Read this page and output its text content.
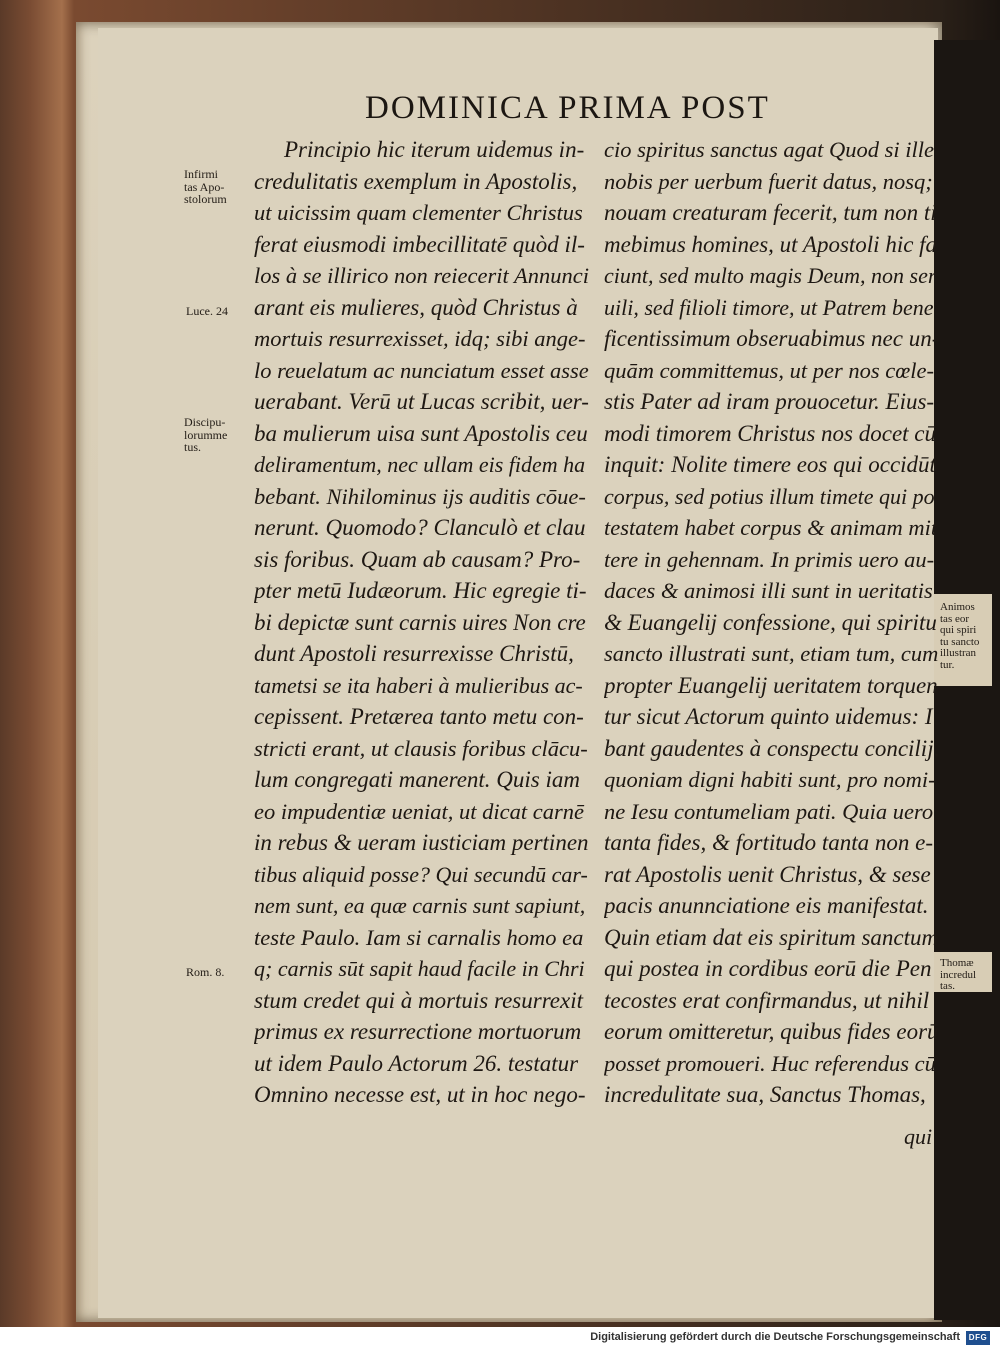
DOMINICA PRIMA POST
Infirmi
tas Apo-
stolorum
Luce. 24
Discipu-
lorumme
tus.
Rom. 8.
Animos
tas eor
qui spiri
tu sancto
illustran
tur.
Thomæ
incredul
tas.
Principio hic iterum uidemus in-
credulitatis exemplum in Apostolis,
ut uicissim quam clementer Christus
ferat eiusmodi imbecillitatē quòd il-
los à se illirico non reiecerit Annunci
arant eis mulieres, quòd Christus à
mortuis resurrexisset, idq; sibi ange-
lo reuelatum ac nunciatum esset asse
uerabant. Verū ut Lucas scribit, uer-
ba mulierum uisa sunt Apostolis ceu
deliramentum, nec ullam eis fidem ha
bebant. Nihilominus ijs auditis cōue-
nerunt. Quomodo? Clanculò et clau
sis foribus. Quam ab causam? Pro-
pter metū Iudæorum. Hic egregie ti-
bi depictæ sunt carnis uires Non cre
dunt Apostoli resurrexisse Christū,
tametsi se ita haberi à mulieribus ac-
cepissent. Pretærea tanto metu con-
stricti erant, ut clausis foribus clācu-
lum congregati manerent. Quis iam
eo impudentiæ ueniat, ut dicat carnē
in rebus & ueram iusticiam pertinen
tibus aliquid posse? Qui secundū car-
nem sunt, ea quæ carnis sunt sapiunt,
teste Paulo. Iam si carnalis homo ea
q; carnis sūt sapit haud facile in Chri
stum credet qui à mortuis resurrexit
primus ex resurrectione mortuorum
ut idem Paulo Actorum 26. testatur
Omnino necesse est, ut in hoc nego-
cio spiritus sanctus agat Quod si ille
nobis per uerbum fuerit datus, nosq;
nouam creaturam fecerit, tum non ti
mebimus homines, ut Apostoli hic fa
ciunt, sed multo magis Deum, non ser
uili, sed filioli timore, ut Patrem bene
ficentissimum obseruabimus nec un-
quām committemus, ut per nos cœle-
stis Pater ad iram prouocetur. Eius-
modi timorem Christus nos docet cū
inquit: Nolite timere eos qui occidūt
corpus, sed potius illum timete qui po
testatem habet corpus & animam mit
tere in gehennam. In primis uero au-
daces & animosi illi sunt in ueritatis
& Euangelij confessione, qui spiritu
sancto illustrati sunt, etiam tum, cum
propter Euangelij ueritatem torquen
tur sicut Actorum quinto uidemus: I
bant gaudentes à conspectu concilij,
quoniam digni habiti sunt, pro nomi-
ne Iesu contumeliam pati. Quia uero
tanta fides, & fortitudo tanta non e-
rat Apostolis uenit Christus, & sese
pacis anunnciatione eis manifestat.
Quin etiam dat eis spiritum sanctum
qui postea in cordibus eorū die Pen
tecostes erat confirmandus, ut nihil
eorum omitteretur, quibus fides eorū
posset promoueri. Huc referendus cū
incredulitate sua, Sanctus Thomas,
qui
Digitalisierung gefördert durch die Deutsche Forschungsgemeinschaft	DFG
